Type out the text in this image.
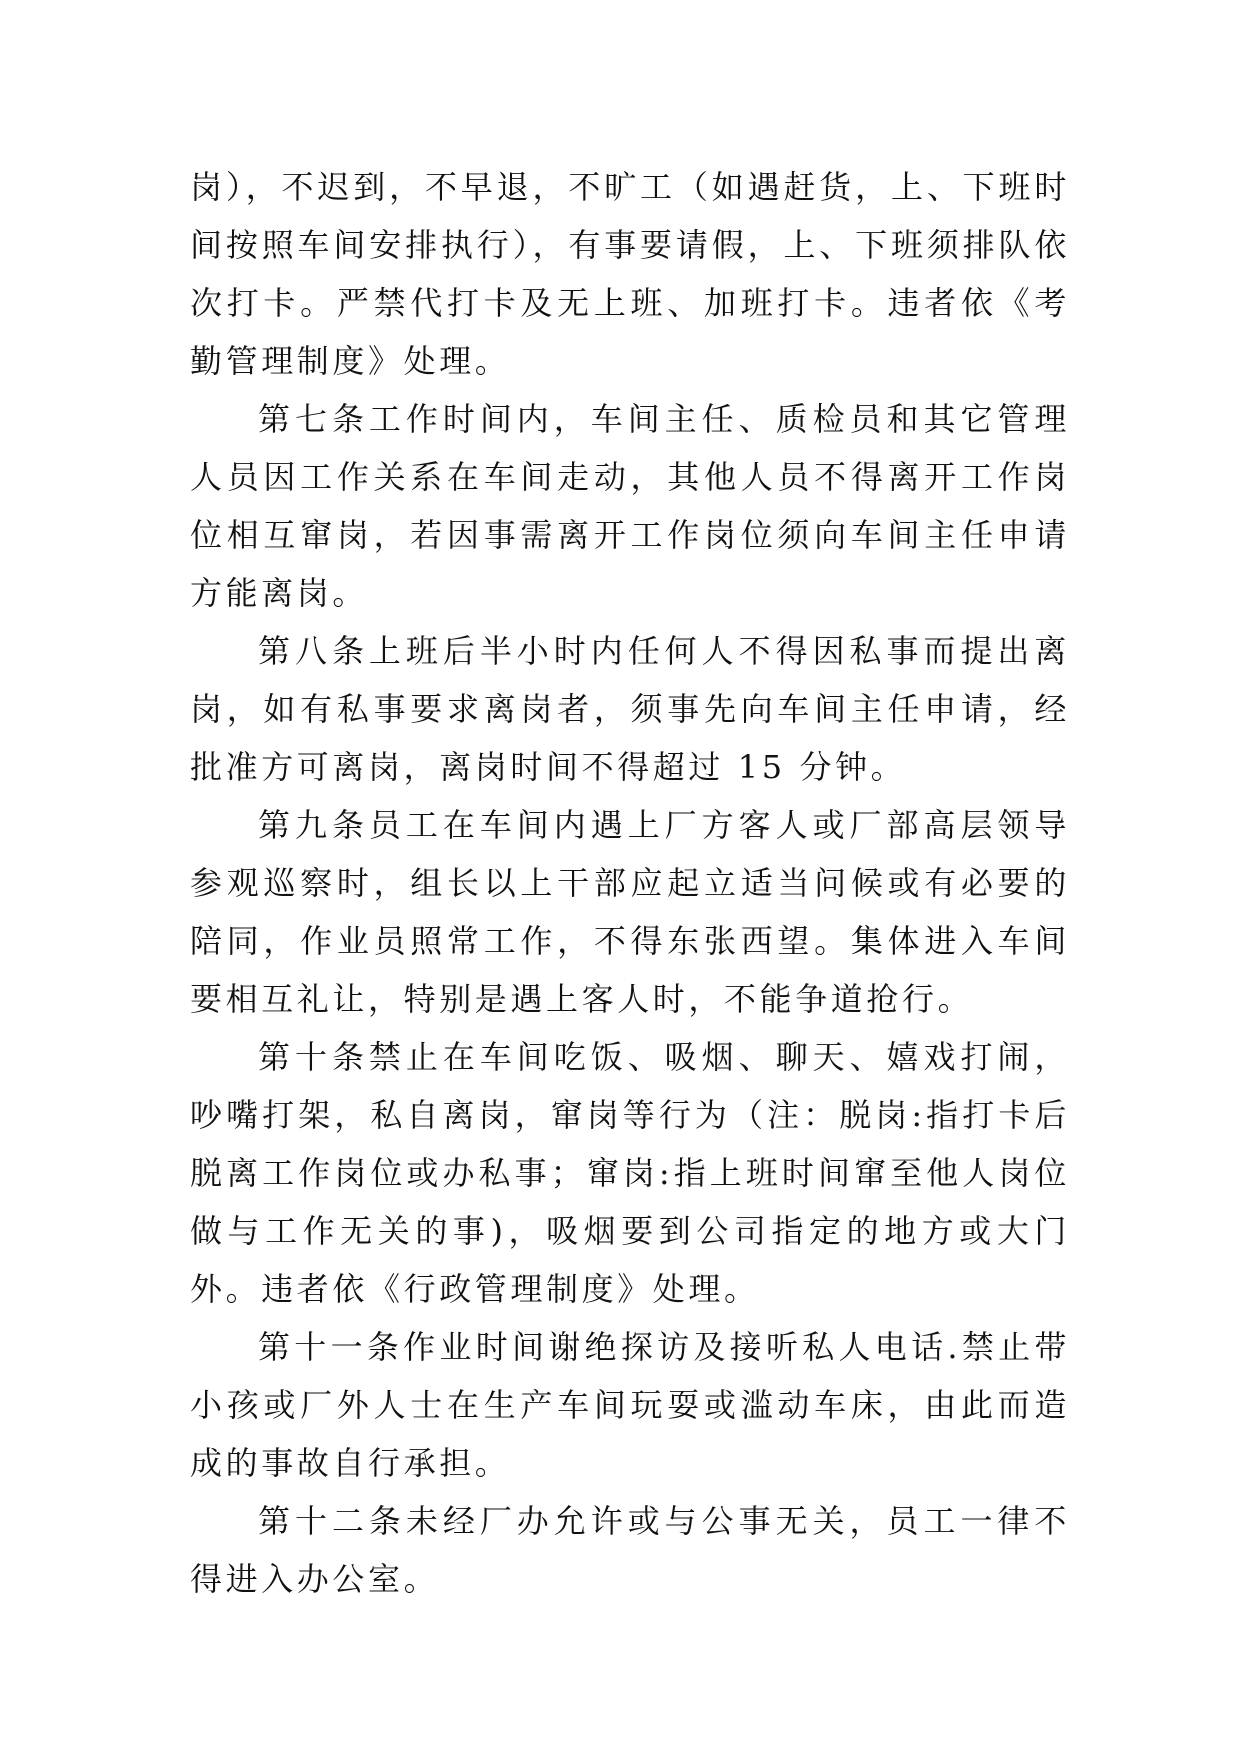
岗），不迟到，不早退，不旷工（如遇赶货，上、下班时间按照车间安排执行），有事要请假，上、下班须排队依次打卡。严禁代打卡及无上班、加班打卡。违者依《考勤管理制度》处理。

第七条工作时间内，车间主任、质检员和其它管理人员因工作关系在车间走动，其他人员不得离开工作岗位相互窜岗，若因事需离开工作岗位须向车间主任申请方能离岗。

第八条上班后半小时内任何人不得因私事而提出离岗，如有私事要求离岗者，须事先向车间主任申请，经批准方可离岗，离岗时间不得超过 15 分钟。

第九条员工在车间内遇上厂方客人或厂部高层领导参观巡察时，组长以上干部应起立适当问候或有必要的陪同，作业员照常工作，不得东张西望。集体进入车间要相互礼让，特别是遇上客人时，不能争道抢行。

第十条禁止在车间吃饭、吸烟、聊天、嬉戏打闹，吵嘴打架，私自离岗，窜岗等行为（注：脱岗:指打卡后脱离工作岗位或办私事；窜岗:指上班时间窜至他人岗位做与工作无关的事)，吸烟要到公司指定的地方或大门外。违者依《行政管理制度》处理。

第十一条作业时间谢绝探访及接听私人电话.禁止带小孩或厂外人士在生产车间玩耍或滥动车床，由此而造成的事故自行承担。

第十二条未经厂办允许或与公事无关，员工一律不得进入办公室。
